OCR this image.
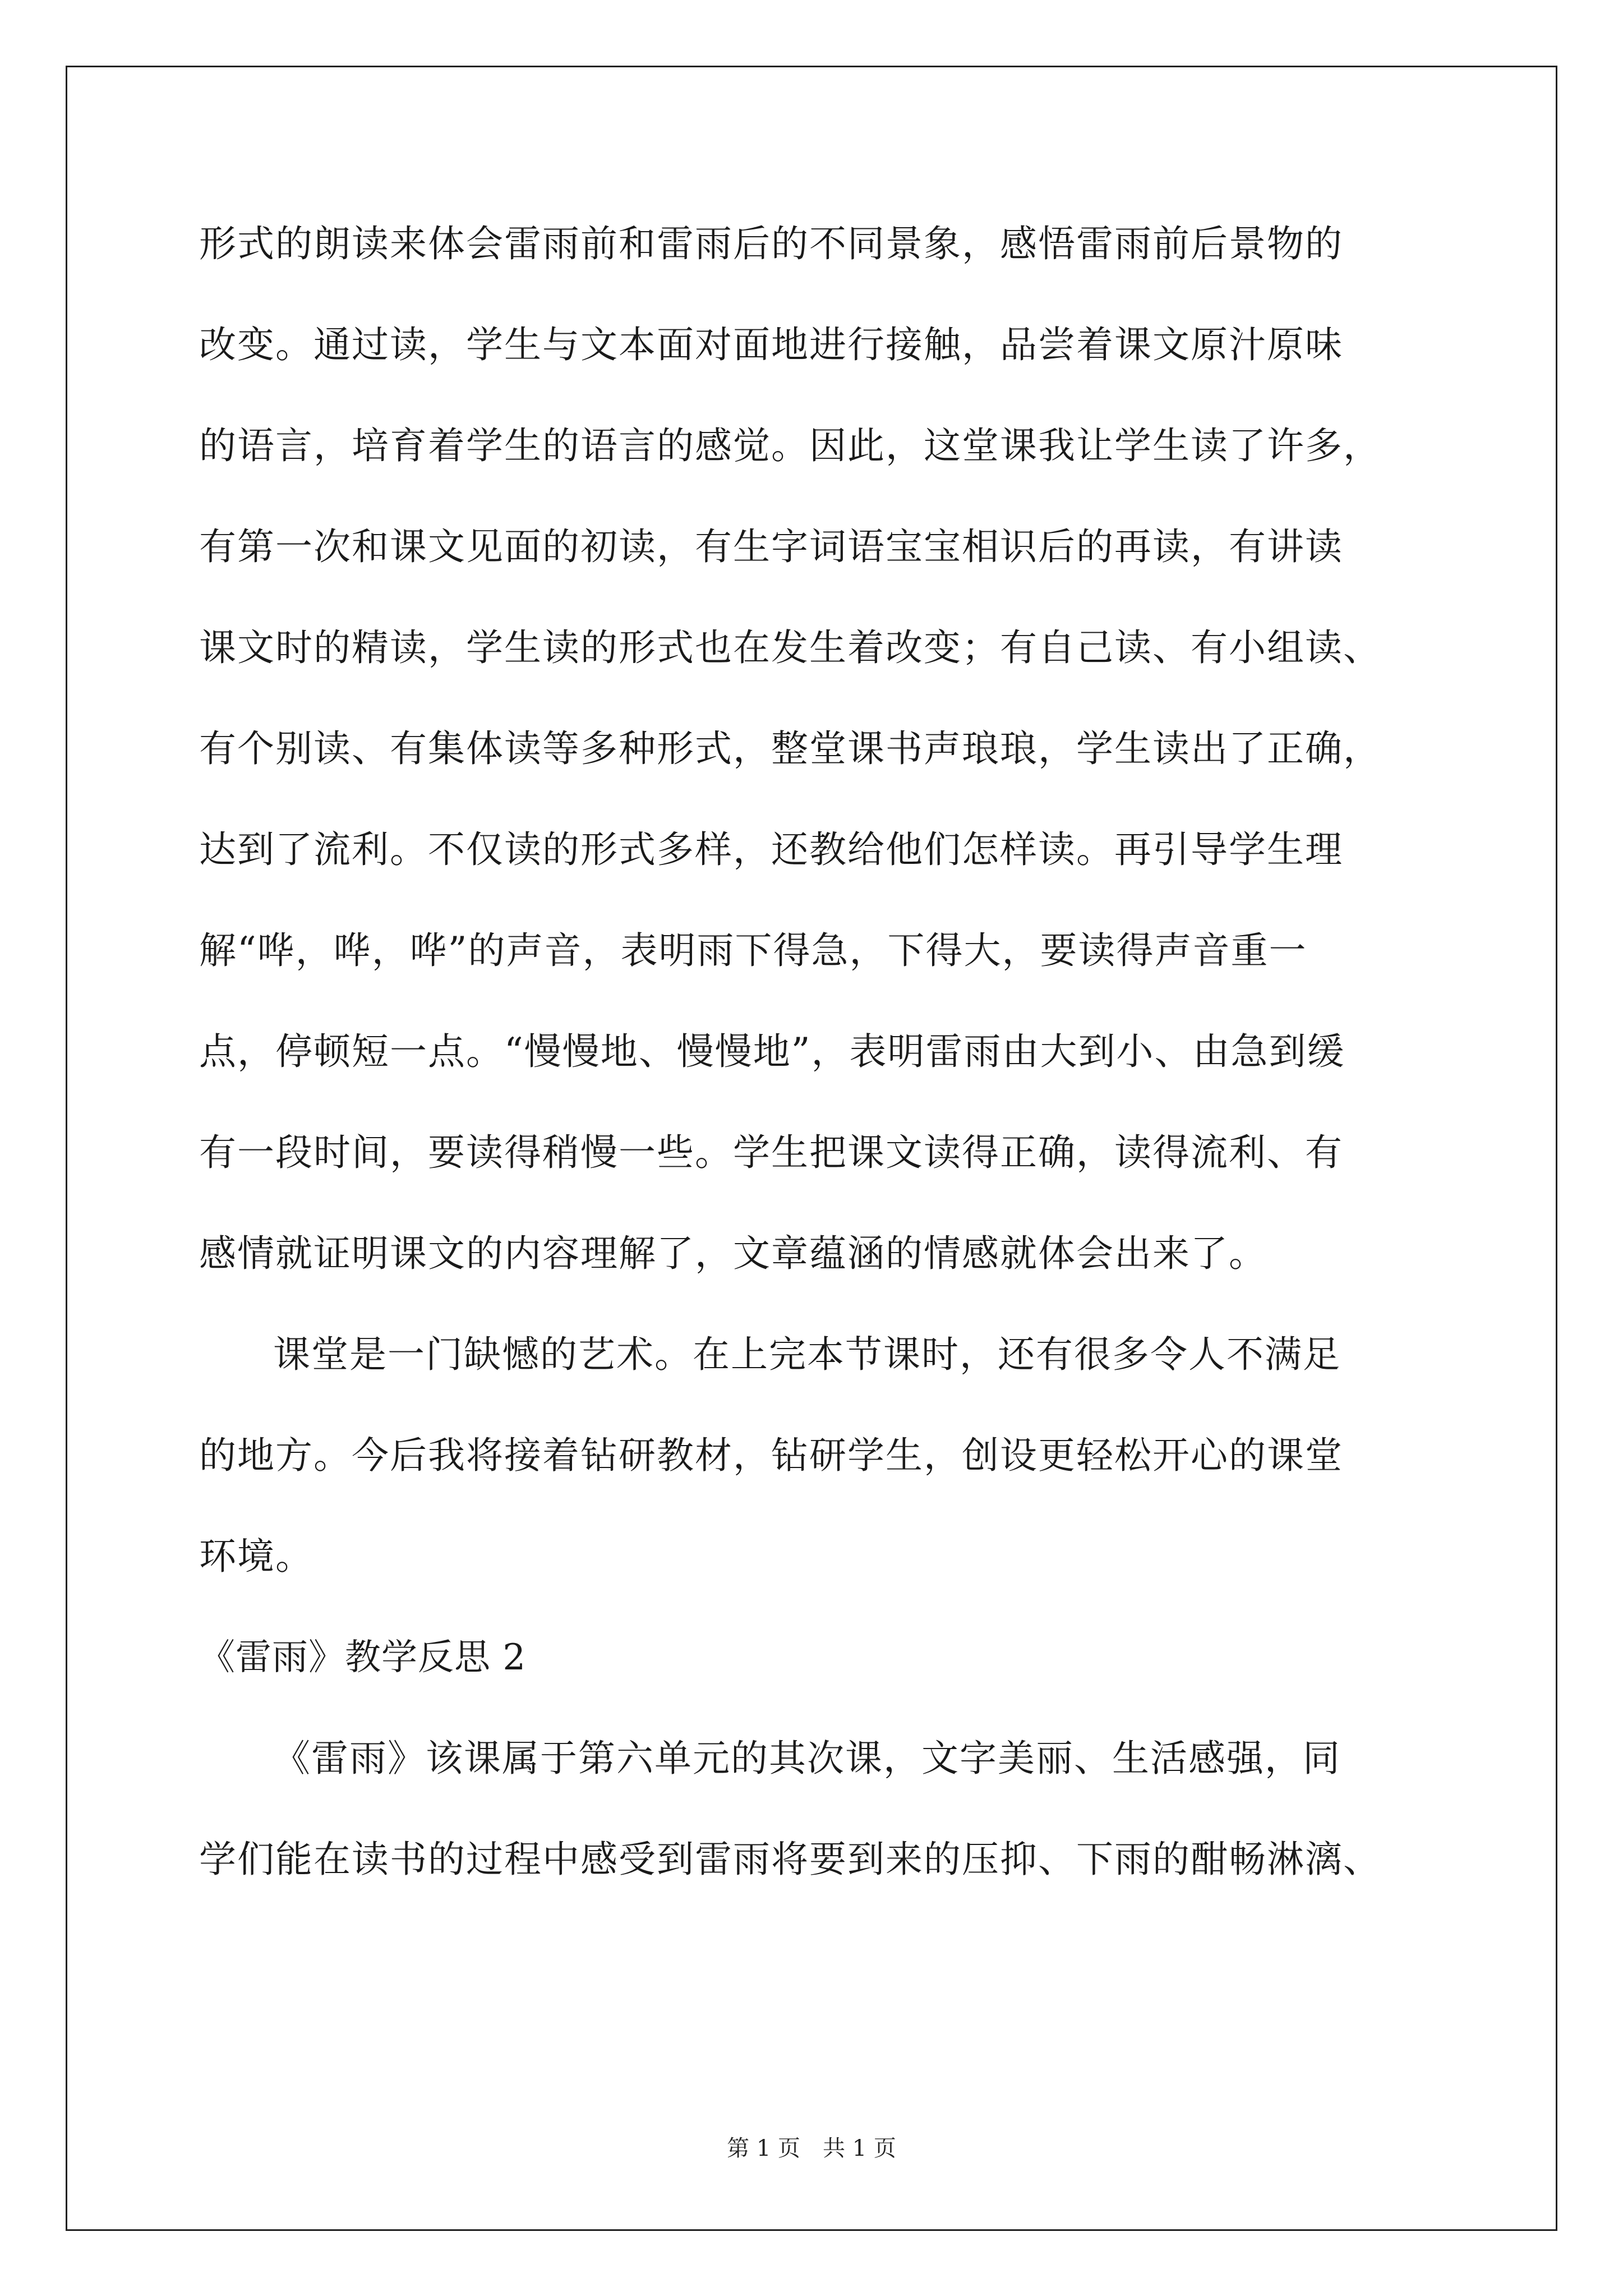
形式的朗读来体会雷雨前和雷雨后的不同景象，感悟雷雨前后景物的
改变。通过读，学生与文本面对面地进行接触，品尝着课文原汁原味
的语言，培育着学生的语言的感觉。因此，这堂课我让学生读了许多，
有第一次和课文见面的初读，有生字词语宝宝相识后的再读，有讲读
课文时的精读，学生读的形式也在发生着改变；有自己读、有小组读、
有个别读、有集体读等多种形式，整堂课书声琅琅，学生读出了正确，
达到了流利。不仅读的形式多样，还教给他们怎样读。再引导学生理
解“哗，哗，哗”的声音，表明雨下得急，下得大，要读得声音重一
点，停顿短一点。“慢慢地、慢慢地”，表明雷雨由大到小、由急到缓
有一段时间，要读得稍慢一些。学生把课文读得正确，读得流利、有
感情就证明课文的内容理解了，文章蕴涵的情感就体会出来了。
课堂是一门缺憾的艺术。在上完本节课时，还有很多令人不满足
的地方。今后我将接着钻研教材，钻研学生，创设更轻松开心的课堂
环境。
《雷雨》教学反思 2
《雷雨》该课属于第六单元的其次课，文字美丽、生活感强，同
学们能在读书的过程中感受到雷雨将要到来的压抑、下雨的酣畅淋漓、
第 1 页　共 1 页
